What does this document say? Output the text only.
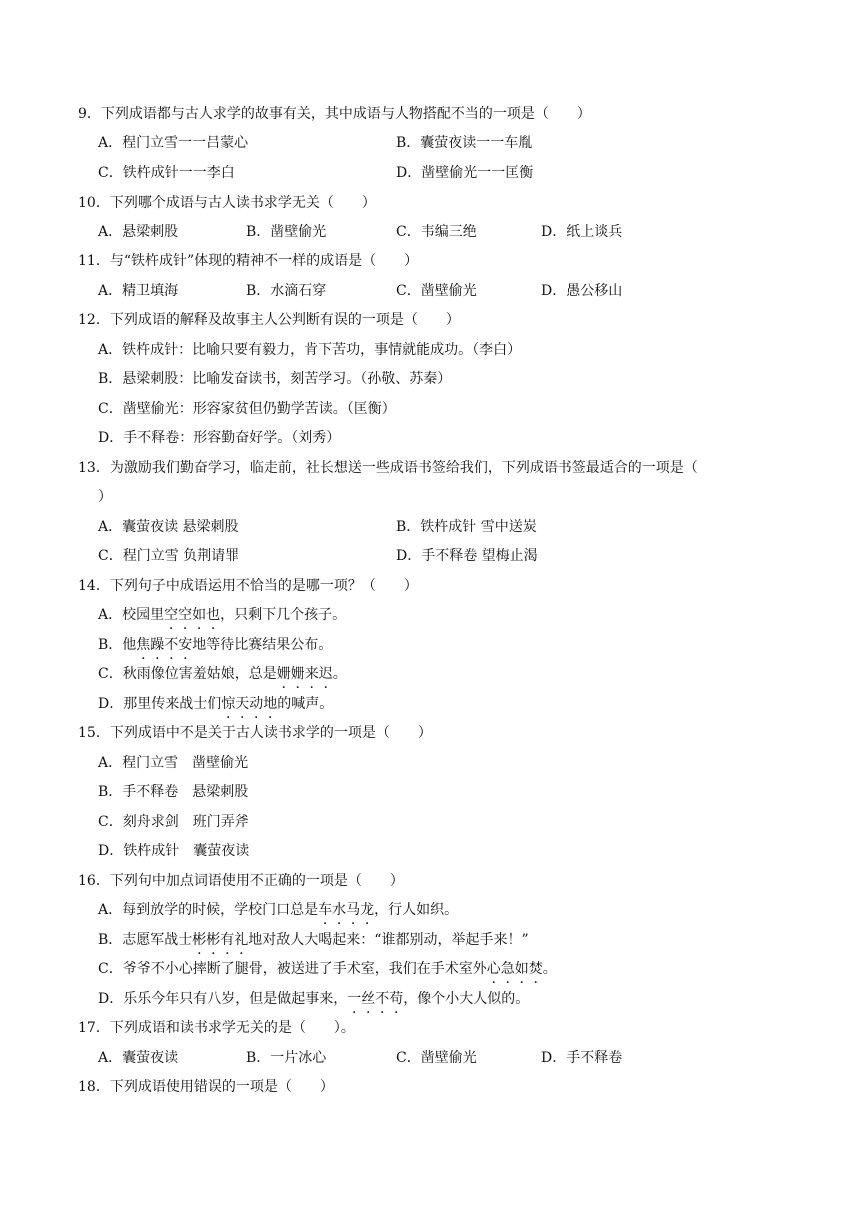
9．下列成语都与古人求学的故事有关，其中成语与人物搭配不当的一项是（　　）
A．程门立雪一一吕蒙心	B．囊萤夜读一一车胤
C．铁杵成针一一李白	D．凿壁偷光一一匡衡
10．下列哪个成语与古人读书求学无关（　　）
A．悬梁刺股	B．凿壁偷光	C．韦编三绝	D．纸上谈兵
11．与“铁杵成针”体现的精神不一样的成语是（　　）
A．精卫填海	B．水滴石穿	C．凿壁偷光	D．愚公移山
12．下列成语的解释及故事主人公判断有误的一项是（　　）
A．铁杵成针：比喻只要有毅力，肯下苦功，事情就能成功。（李白）
B．悬梁刺股：比喻发奋读书，刻苦学习。（孙敬、苏秦）
C．凿壁偷光：形容家贫但仍勤学苦读。（匡衡）
D．手不释卷：形容勤奋好学。（刘秀）
13．为激励我们勤奋学习，临走前，社长想送一些成语书签给我们，下列成语书签最适合的一项是（
）
A．囊萤夜读 悬梁刺股	B．铁杵成针 雪中送炭
C．程门立雪 负荆请罪	D．手不释卷 望梅止渴
14．下列句子中成语运用不恰当的是哪一项？（　　）
A．校园里空空如也，只剩下几个孩子。
B．他焦躁不安地等待比赛结果公布。
C．秋雨像位害羞姑娘，总是姗姗来迟。
D．那里传来战士们惊天动地的喊声。
15．下列成语中不是关于古人读书求学的一项是（　　）
A．程门立雪　凿壁偷光
B．手不释卷　悬梁刺股
C．刻舟求剑　班门弄斧
D．铁杵成针　囊萤夜读
16．下列句中加点词语使用不正确的一项是（　　）
A．每到放学的时候，学校门口总是车水马龙，行人如织。
B．志愿军战士彬彬有礼地对敌人大喝起来：“谁都别动，举起手来！”
C．爷爷不小心摔断了腿骨，被送进了手术室，我们在手术室外心急如焚。
D．乐乐今年只有八岁，但是做起事来，一丝不苟，像个小大人似的。
17．下列成语和读书求学无关的是（　　）。
A．囊萤夜读	B．一片冰心	C．凿壁偷光	D．手不释卷
18．下列成语使用错误的一项是（　　）
